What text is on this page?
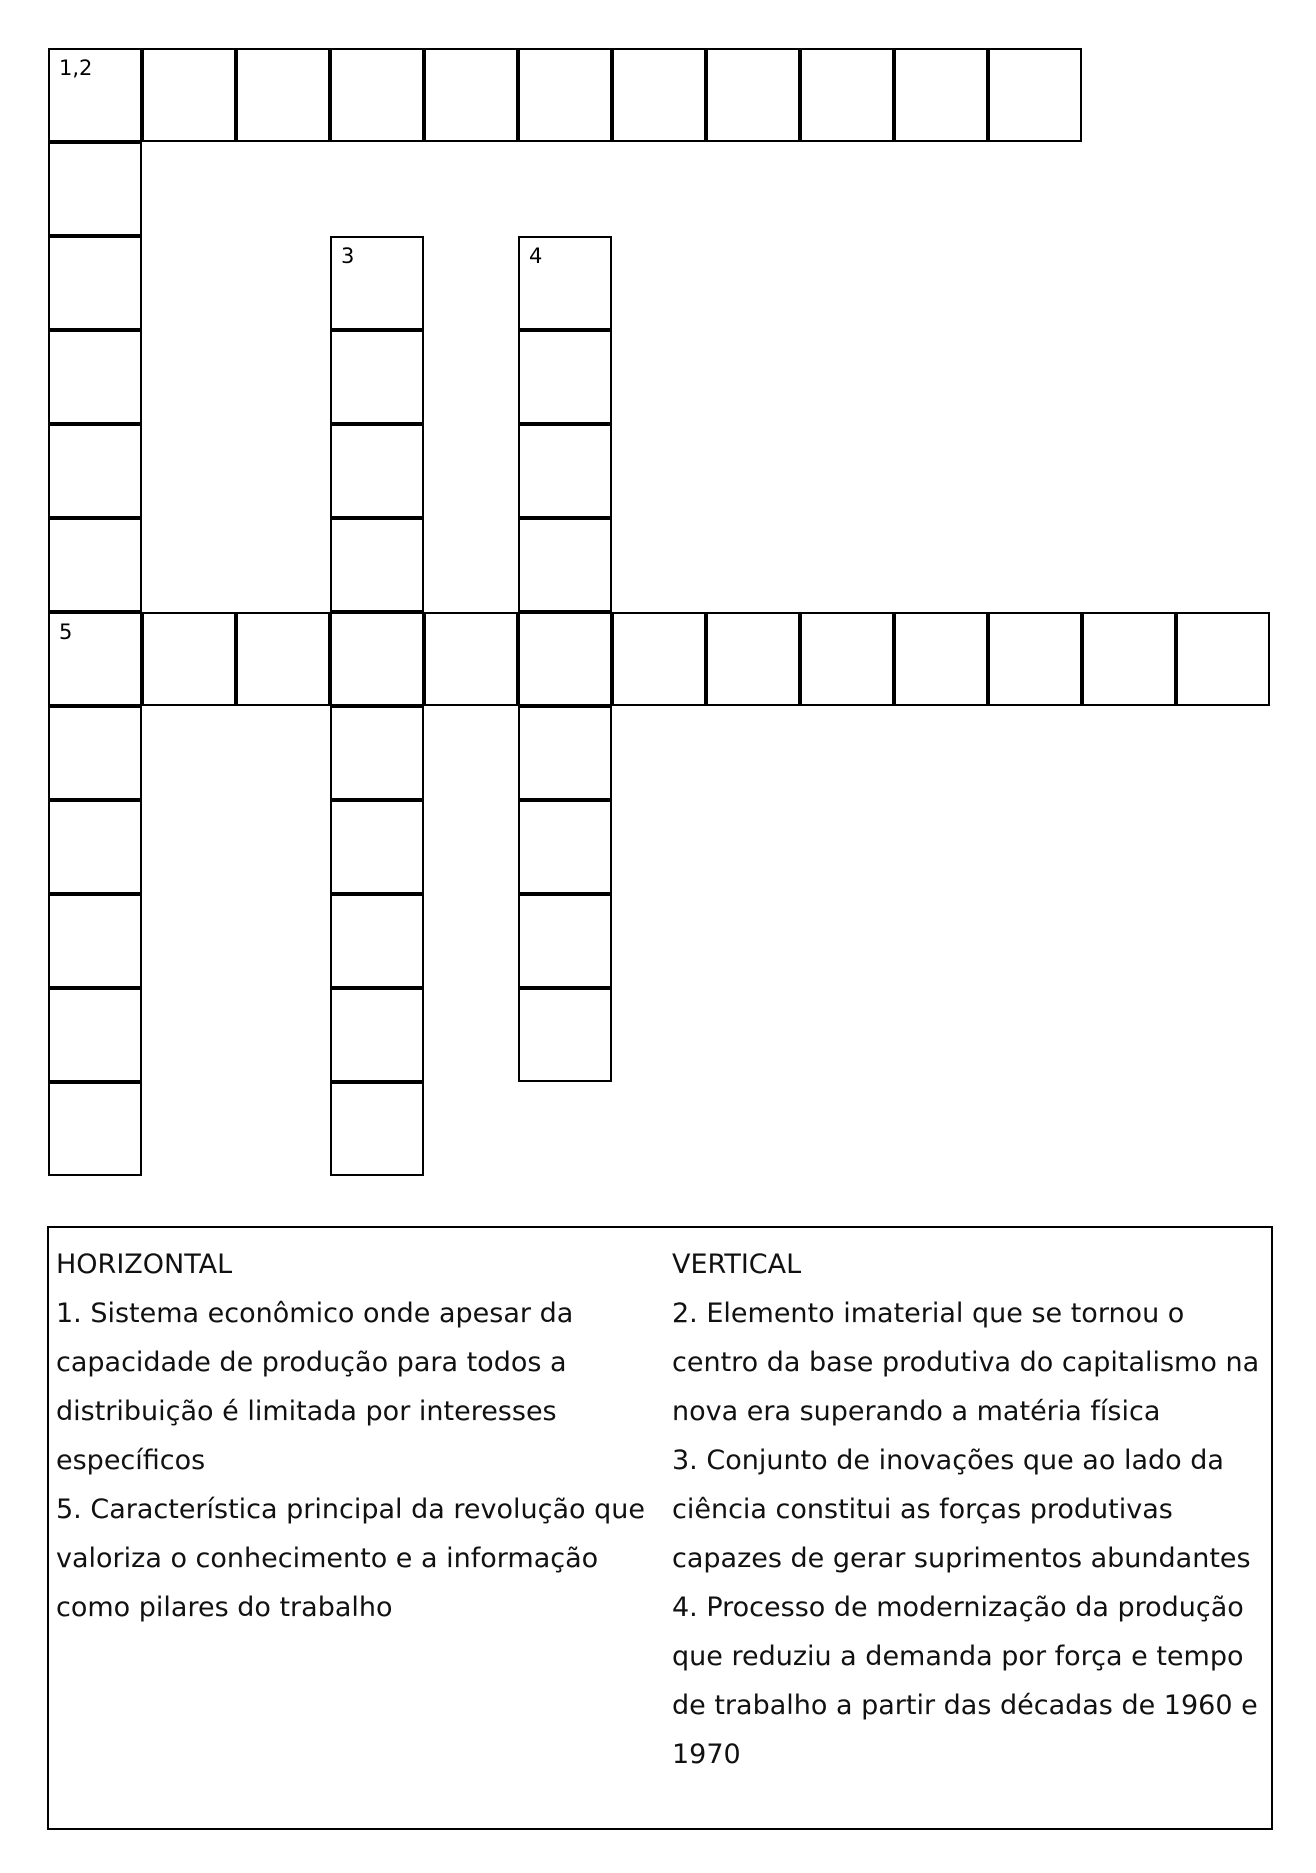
1,2
3	4
5
HORIZONTAL
1. Sistema econômico onde apesar da capacidade de produção para todos a distribuição é limitada por interesses específicos
5. Característica principal da revolução que valoriza o conhecimento e a informação como pilares do trabalho
VERTICAL
2. Elemento imaterial que se tornou o centro da base produtiva do capitalismo na nova era superando a matéria física
3. Conjunto de inovações que ao lado da ciência constitui as forças produtivas capazes de gerar suprimentos abundantes
4. Processo de modernização da produção que reduziu a demanda por força e tempo de trabalho a partir das décadas de 1960 e 1970
